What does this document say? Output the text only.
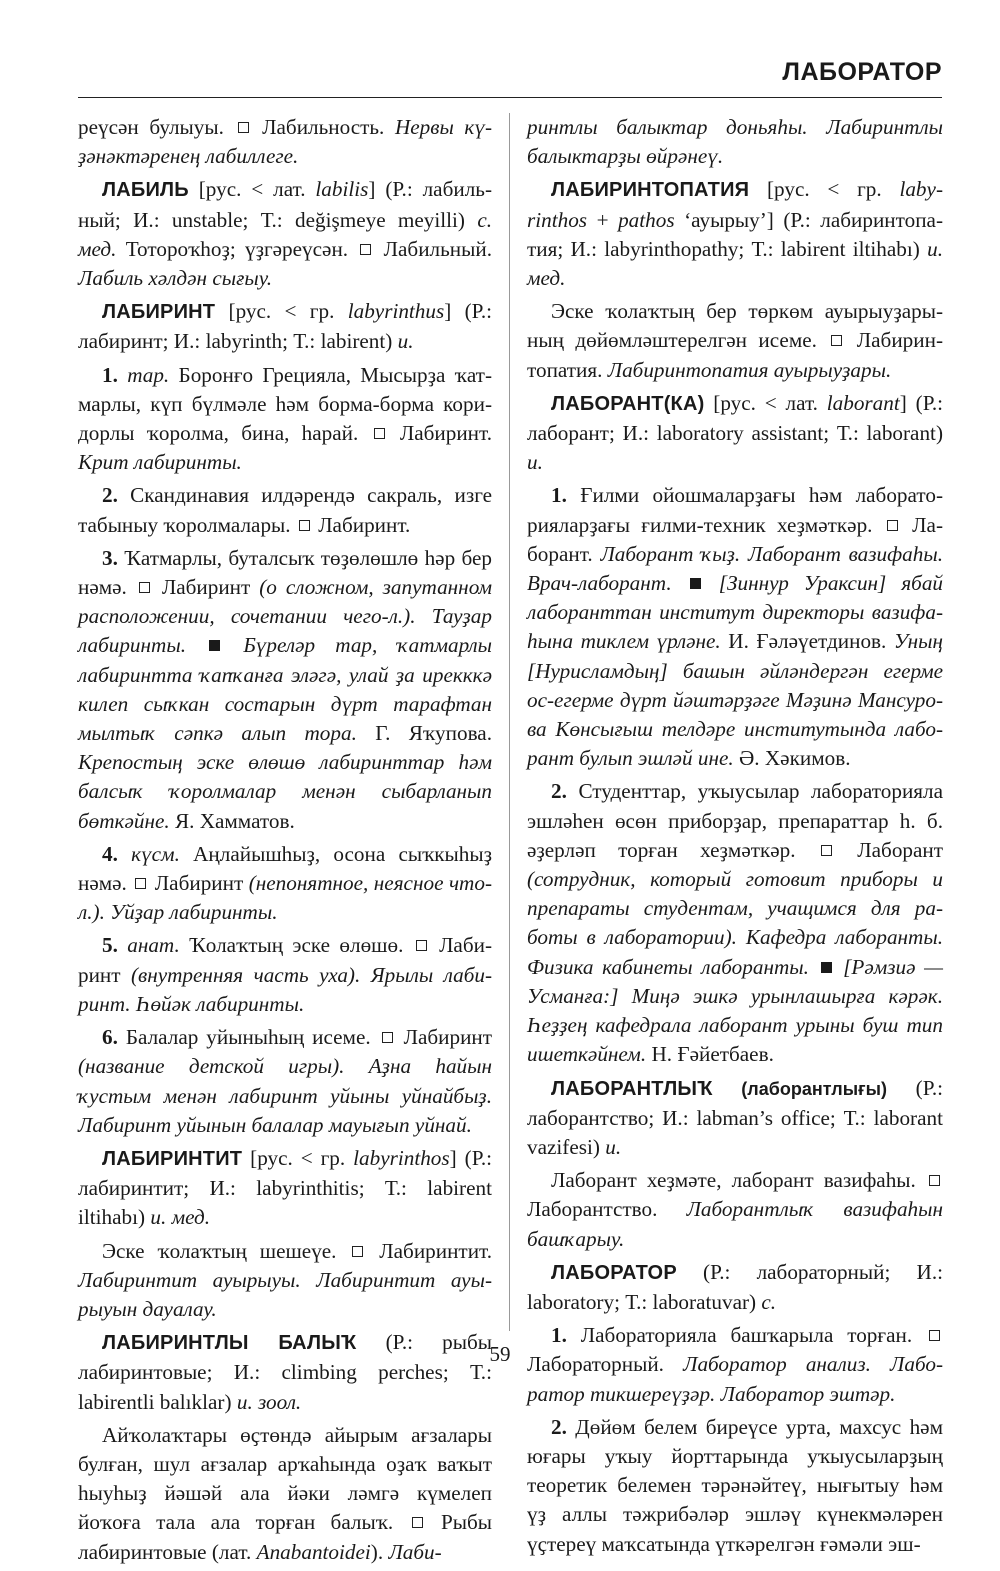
ЛАБОРАТОР

реүсән булыуы. Лабильность. Нервы күҙәнәктәренең лабиллеге.

ЛАБИЛЬ [рус. < лат. labilis] (Р.: лабильный; И.: unstable; Т.: değişmeye meyilli) с. мед. Тотороҡһоҙ; үҙгәреүсән. Лабильный. Лабиль хәлдән сығыу.

ЛАБИРИНТ [рус. < гр. labyrinthus] (Р.: лабиринт; И.: labyrinth; Т.: labirent) и.

1. тар. Боронғо Грецияла, Мысырҙа ҡатмарлы, күп бүлмәле һәм борма-борма коридорлы ҡоролма, бина, һарай. Лабиринт. Крит лабиринты.

2. Скандинавия илдәрендә сакраль, изге табыныу ҡоролмалары. Лабиринт.

3. Ҡатмарлы, буталсыҡ төҙөлөшлө һәр бер нәмә. Лабиринт (о сложном, запутанном расположении, сочетании чего-л.). Тауҙар лабиринты.	Бүреләр тар, ҡатмарлы лабиринтта ҡапҡанға эләгә, улай ҙа ирекккә килеп сыҡкан состарын дүрт тарафтан мылтыҡ сәпкә алып тора. Г. Яҡупова. Крепостың эске өлөшө лабиринттар һәм балсыҡ ҡоролмалар менән сыбарланып бөткәйне. Я. Хамматов.

4. күсм. Аңлайышһыҙ, осона сыҡкыһыҙ нәмә. Лабиринт (непонятное, неясное что-л.). Уйҙар лабиринты.

5. анат. Ҡолаҡтың эске өлөшө. Лабиринт (внутренняя часть уха). Ярылы лабиринт. Һөйәк лабиринты.

6. Балалар уйыныһың исеме. Лабиринт (название детской игры). Аҙна һайын ҡустым менән лабиринт уйыны уйнайбыҙ. Лабиринт уйынын балалар мауығып уйнай.

ЛАБИРИНТИТ [рус. < гр. labyrinthos] (Р.: лабиринтит; И.: labyrinthitis; Т.: labirent iltihabı) и. мед.

Эске ҡолаҡтың шешеүе. Лабиринтит. Лабиринтит ауырыуы. Лабиринтит ауырыуын дауалау.

ЛАБИРИНТЛЫ БАЛЫҠ (Р.: рыбы лабиринтовые; И.: climbing perches; Т.: labirentli balıklar) и. зоол.

Айҡолаҡтары өҫтөндә айырым ағзалары булған, шул ағзалар арҡаһында оҙаҡ ваҡыт һыуһыҙ йәшәй ала йәки ләмгә күмелеп йоҡоға тала ала торған балыҡ. Рыбы лабиринтовые (лат. Anabantoidei). Лаби-

ринтлы балыктар доньяһы. Лабиринтлы балыктарҙы өйрәнеү.

ЛАБИРИНТОПАТИЯ [рус. < гр. labyrinthos + pathos ‘ауырыу’] (Р.: лабиринтопатия; И.: labyrinthopathy; Т.: labirent iltihabı) и. мед.

Эске ҡолаҡтың бер төркөм ауырыуҙарының дөйөмләштерелгән исеме. Лабиринтопатия. Лабиринтопатия ауырыуҙары.

ЛАБОРАНТ(КА) [рус. < лат. laborant] (Р.: лаборант; И.: laboratory assistant; Т.: laborant) и.

1. Ғилми ойошмаларҙағы һәм лабораторияларҙағы ғилми-техник хеҙмәткәр. Лаборант. Лаборант ҡыҙ. Лаборант вазифаһы. Врач-лаборант. [Зиннур Ураксин] ябай лаборанттан институт директоры вазифаһына тиклем үрләне. И. Ғәләүетдинов. Уның [Нурисламдың] башын әйләндергән егерме ос-егерме дүрт йәштәрҙәге Мәҙинә Мансурова Көнсығыш телдәре институтында лаборант булып эшләй ине. Ә. Хәкимов.

2. Студенттар, уҡыусылар лабораторияла эшләһен өсөн приборҙар, препараттар һ. б. әҙерләп торған хеҙмәткәр.	Лаборант (сотрудник, который готовит приборы и препараты студентам, учащимся для работы в лаборатории). Кафедра лаборанты. Физика кабинеты лаборанты. [Рәмзиә — Усманға:] Миңә эшкә урынлашырға кәрәк. Һеҙҙең кафедрала лаборант урыны буш тип ишеткәйнем. Н. Ғәйетбаев.

ЛАБОРАНТЛЫҠ (лаборантлығы) (Р.: лаборантство; И.: labman’s office; Т.: laborant vazifesi) и.

Лаборант хеҙмәте, лаборант вазифаһы.  Лаборантство. Лаборантлыҡ вазифаһын башҡарыу.

ЛАБОРАТОР (Р.: лабораторный; И.: laboratory; Т.: laboratuvar) с.

1. Лабораторияла башҡарыла торған.  Лабораторный. Лаборатор анализ. Лаборатор тикшереүҙәр. Лаборатор эштәр.

2. Дөйөм белем биреүсе урта, махсус һәм юғары уҡыу йорттарында уҡыусыларҙың теоретик белемен тәрәнәйтеү, нығытыу һәм үҙ аллы тәжрибәләр эшләү күнекмәләрен үҫтереү маҡсатында үткәрелгән ғәмәли эш-

59
